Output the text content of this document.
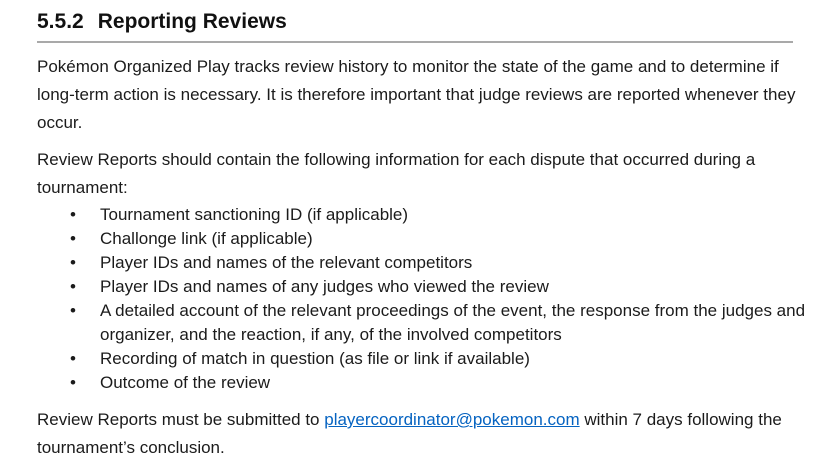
5.5.2 Reporting Reviews
Pokémon Organized Play tracks review history to monitor the state of the game and to determine if
long-term action is necessary. It is therefore important that judge reviews are reported whenever they
occur.
Review Reports should contain the following information for each dispute that occurred during a
tournament:
• Tournament sanctioning ID (if applicable)
• Challonge link (if applicable)
• Player IDs and names of the relevant competitors
• Player IDs and names of any judges who viewed the review
• A detailed account of the relevant proceedings of the event, the response from the judges and
organizer, and the reaction, if any, of the involved competitors
• Recording of match in question (as file or link if available)
• Outcome of the review
Review Reports must be submitted to playercoordinator@pokemon.com within 7 days following the
tournament’s conclusion.
